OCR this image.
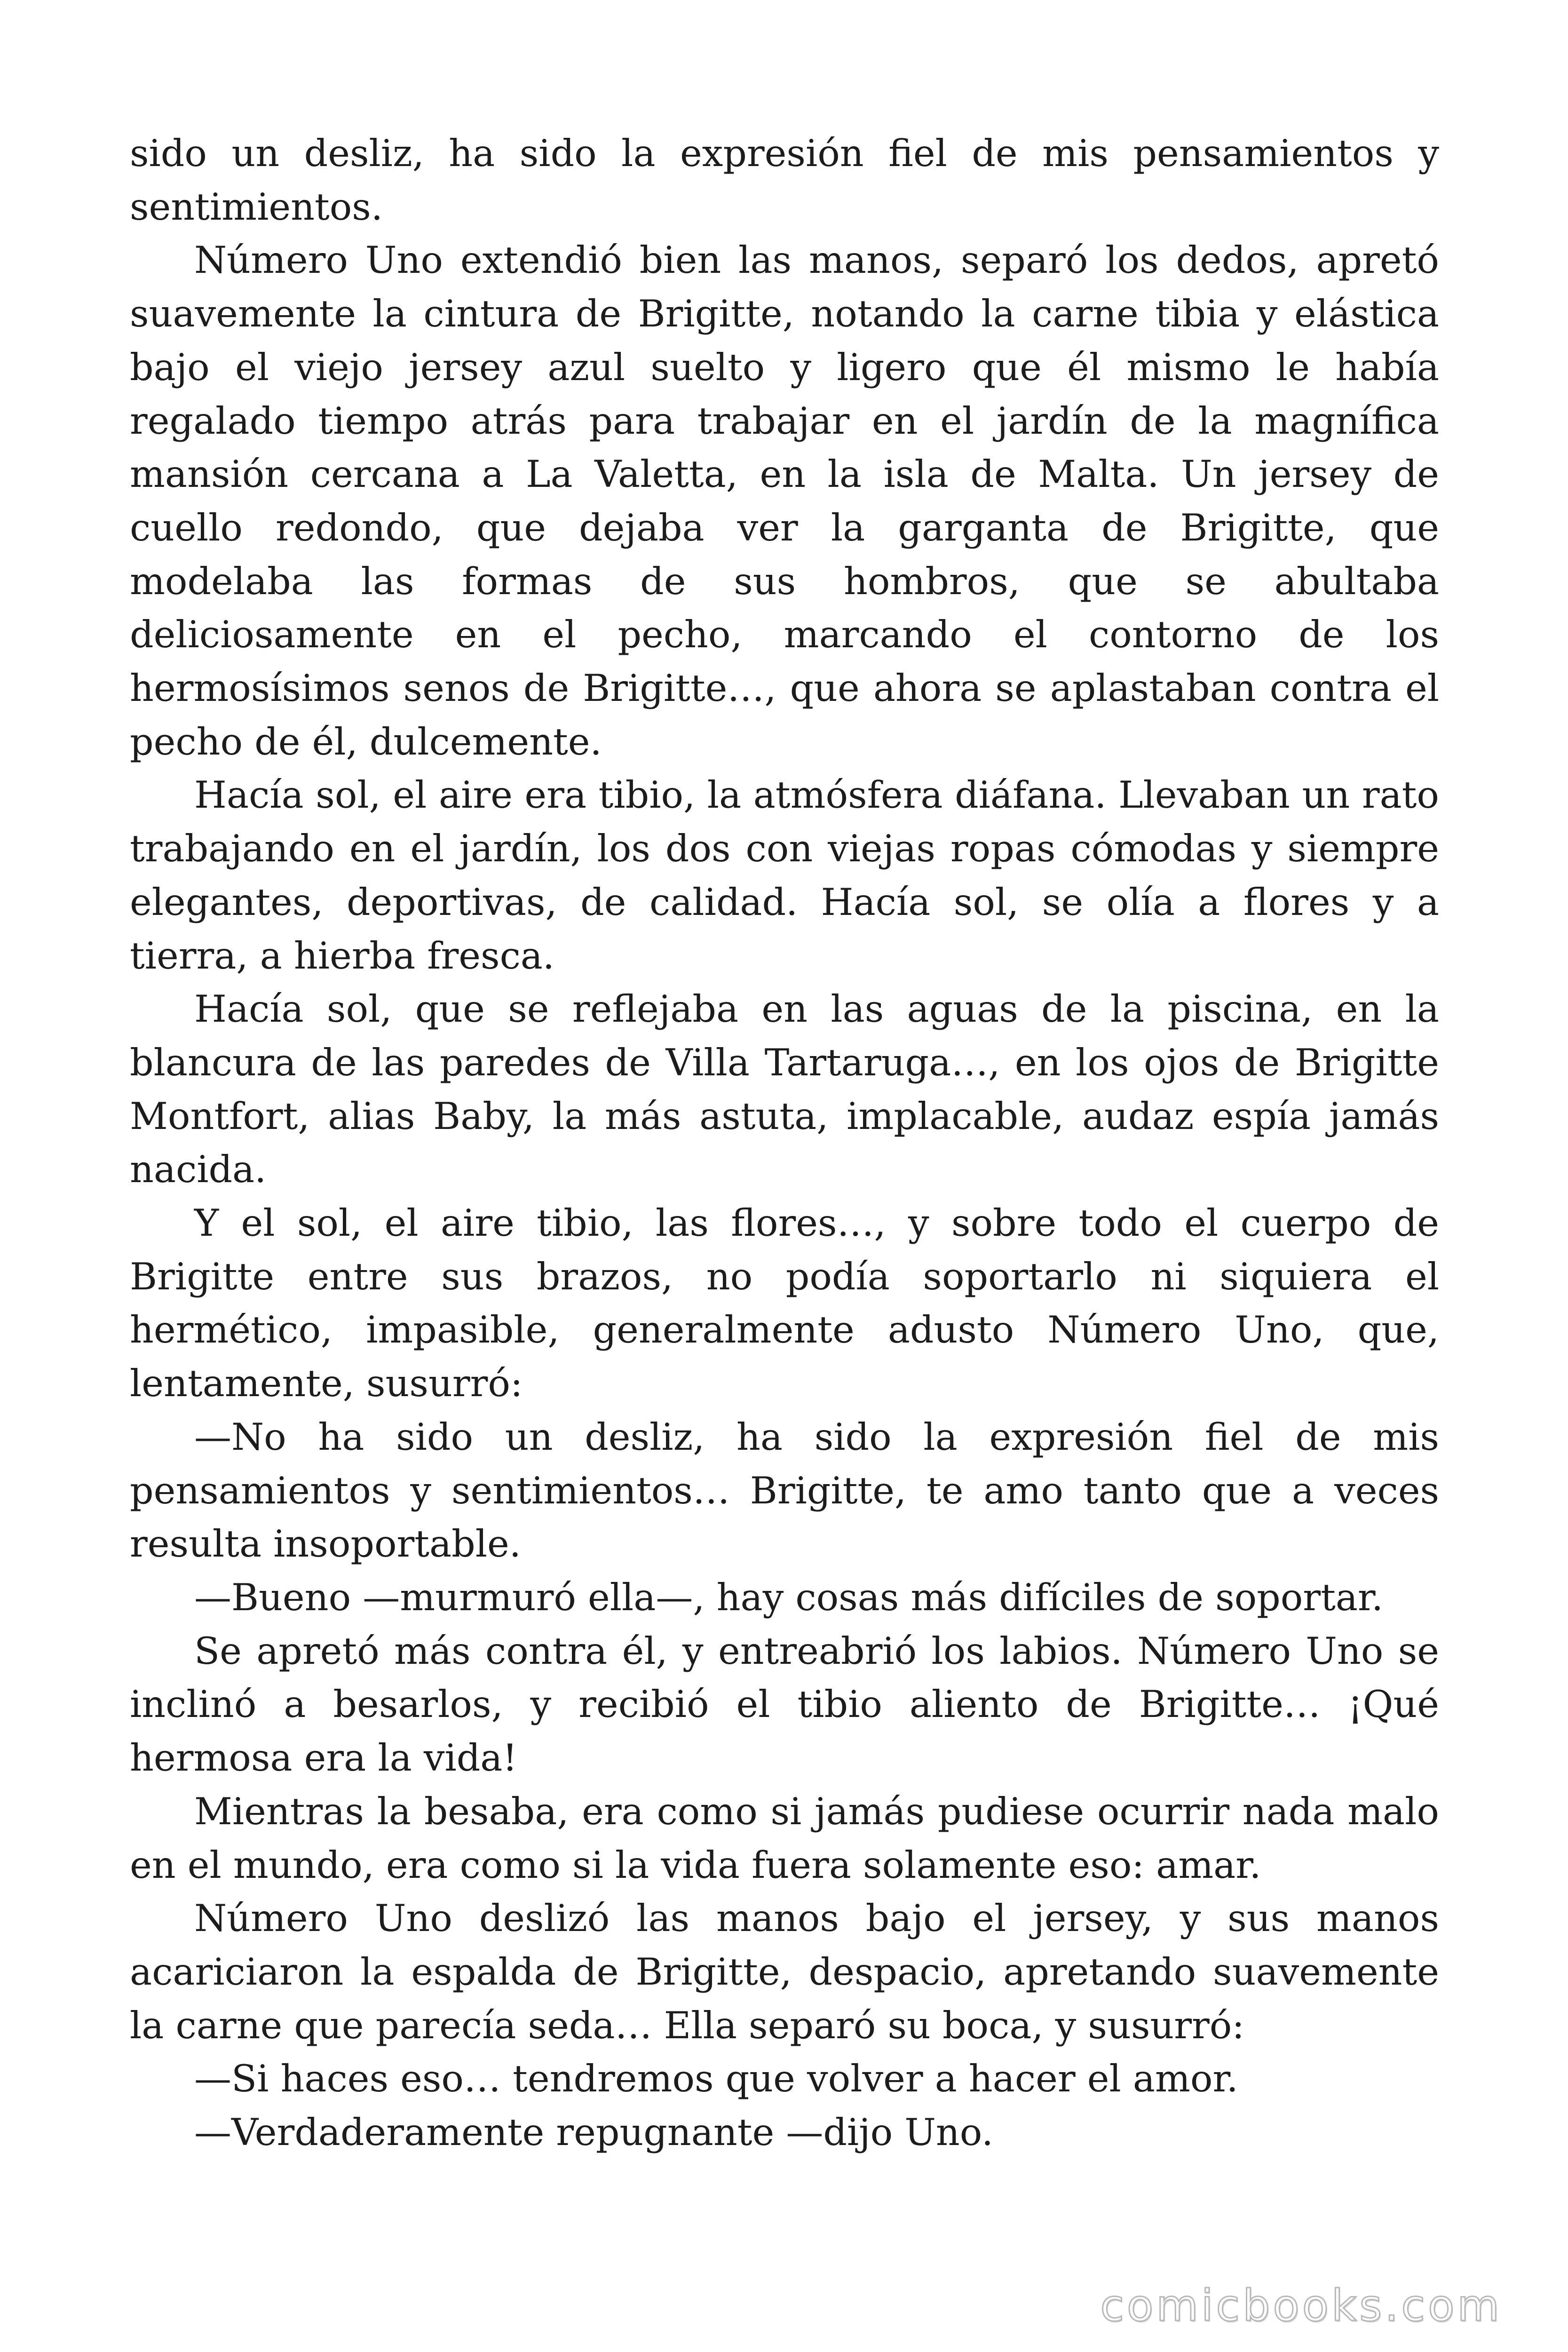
sido un desliz, ha sido la expresión fiel de mis pensamientos y sentimientos.

Número Uno extendió bien las manos, separó los dedos, apretó suavemente la cintura de Brigitte, notando la carne tibia y elástica bajo el viejo jersey azul suelto y ligero que él mismo le había regalado tiempo atrás para trabajar en el jardín de la magnífica mansión cercana a La Valetta, en la isla de Malta. Un jersey de cuello redondo, que dejaba ver la garganta de Brigitte, que modelaba las formas de sus hombros, que se abultaba deliciosamente en el pecho, marcando el contorno de los hermosísimos senos de Brigitte…, que ahora se aplastaban contra el pecho de él, dulcemente.

Hacía sol, el aire era tibio, la atmósfera diáfana. Llevaban un rato trabajando en el jardín, los dos con viejas ropas cómodas y siempre elegantes, deportivas, de calidad. Hacía sol, se olía a flores y a tierra, a hierba fresca.

Hacía sol, que se reflejaba en las aguas de la piscina, en la blancura de las paredes de Villa Tartaruga…, en los ojos de Brigitte Montfort, alias Baby, la más astuta, implacable, audaz espía jamás nacida.

Y el sol, el aire tibio, las flores…, y sobre todo el cuerpo de Brigitte entre sus brazos, no podía soportarlo ni siquiera el hermético, impasible, generalmente adusto Número Uno, que, lentamente, susurró:

—No ha sido un desliz, ha sido la expresión fiel de mis pensamientos y sentimientos… Brigitte, te amo tanto que a veces resulta insoportable.

—Bueno —murmuró ella—, hay cosas más difíciles de soportar.

Se apretó más contra él, y entreabrió los labios. Número Uno se inclinó a besarlos, y recibió el tibio aliento de Brigitte… ¡Qué hermosa era la vida!

Mientras la besaba, era como si jamás pudiese ocurrir nada malo en el mundo, era como si la vida fuera solamente eso: amar.

Número Uno deslizó las manos bajo el jersey, y sus manos acariciaron la espalda de Brigitte, despacio, apretando suavemente la carne que parecía seda… Ella separó su boca, y susurró:

—Si haces eso… tendremos que volver a hacer el amor.

—Verdaderamente repugnante —dijo Uno.

comicbooks.com
